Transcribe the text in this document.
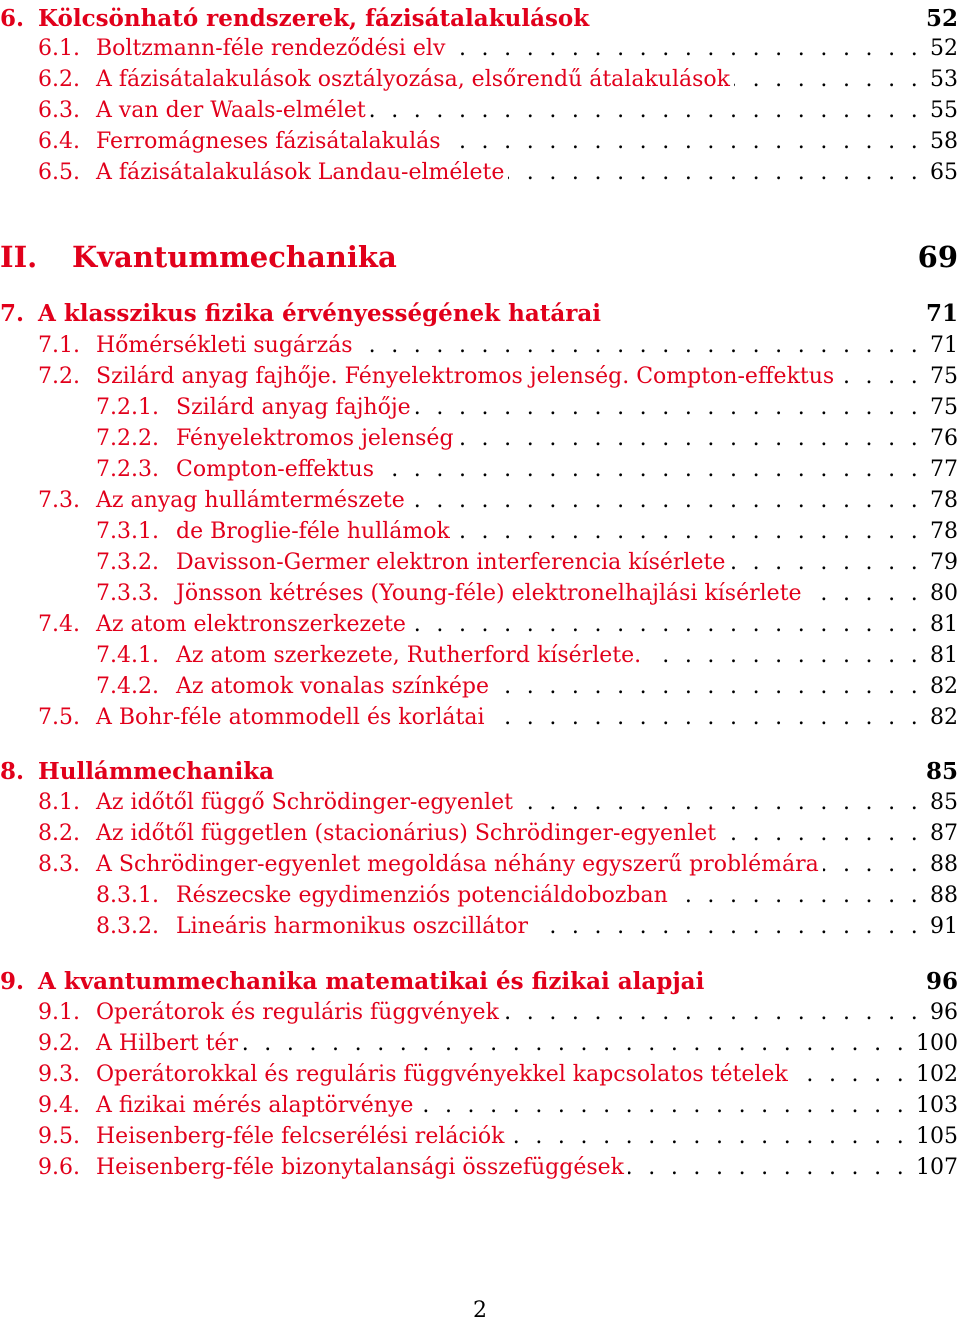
6. Kölcsönható rendszerek, fázisátalakulások	52
6.1. Boltzmann-féle rendeződési elv . . .	52
6.2. A fázisátalakulások osztályozása, elsőrendű átalakulások . . .	53
6.3. A van der Waals-elmélet . . .	55
6.4. Ferromágneses fázisátalakulás . . .	58
6.5. A fázisátalakulások Landau-elmélete . . .	65
II.	Kvantummechanika	69
7. A klasszikus fizika érvényességének határai	71
7.1. Hőmérsékleti sugárzás . . .	71
7.2. Szilárd anyag fajhője. Fényelektromos jelenség. Compton-effektus . . .	75
7.2.1. Szilárd anyag fajhője . . .	75
7.2.2. Fényelektromos jelenség . . .	76
7.2.3. Compton-effektus . . .	77
7.3. Az anyag hullámtermészete . . .	78
7.3.1. de Broglie-féle hullámok . . .	78
7.3.2. Davisson-Germer elektron interferencia kísérlete . . .	79
7.3.3. Jönsson kétréses (Young-féle) elektronelhajlási kísérlete . . .	80
7.4. Az atom elektronszerkezete . . .	81
7.4.1. Az atom szerkezete, Rutherford kísérlete. . . .	81
7.4.2. Az atomok vonalas színképe . . .	82
7.5. A Bohr-féle atommodell és korlátai . . .	82
8. Hullámmechanika	85
8.1. Az időtől függő Schrödinger-egyenlet . . .	85
8.2. Az időtől független (stacionárius) Schrödinger-egyenlet . . .	87
8.3. A Schrödinger-egyenlet megoldása néhány egyszerű problémára . . .	88
8.3.1. Részecske egydimenziós potenciáldobozban . . .	88
8.3.2. Lineáris harmonikus oszcillátor . . .	91
9. A kvantummechanika matematikai és fizikai alapjai	96
9.1. Operátorok és reguláris függvények . . .	96
9.2. A Hilbert tér . . .	100
9.3. Operátorokkal és reguláris függvényekkel kapcsolatos tételek . . .	102
9.4. A fizikai mérés alaptörvénye . . .	103
9.5. Heisenberg-féle felcserélési relációk . . .	105
9.6. Heisenberg-féle bizonytalansági összefüggések . . .	107
2
